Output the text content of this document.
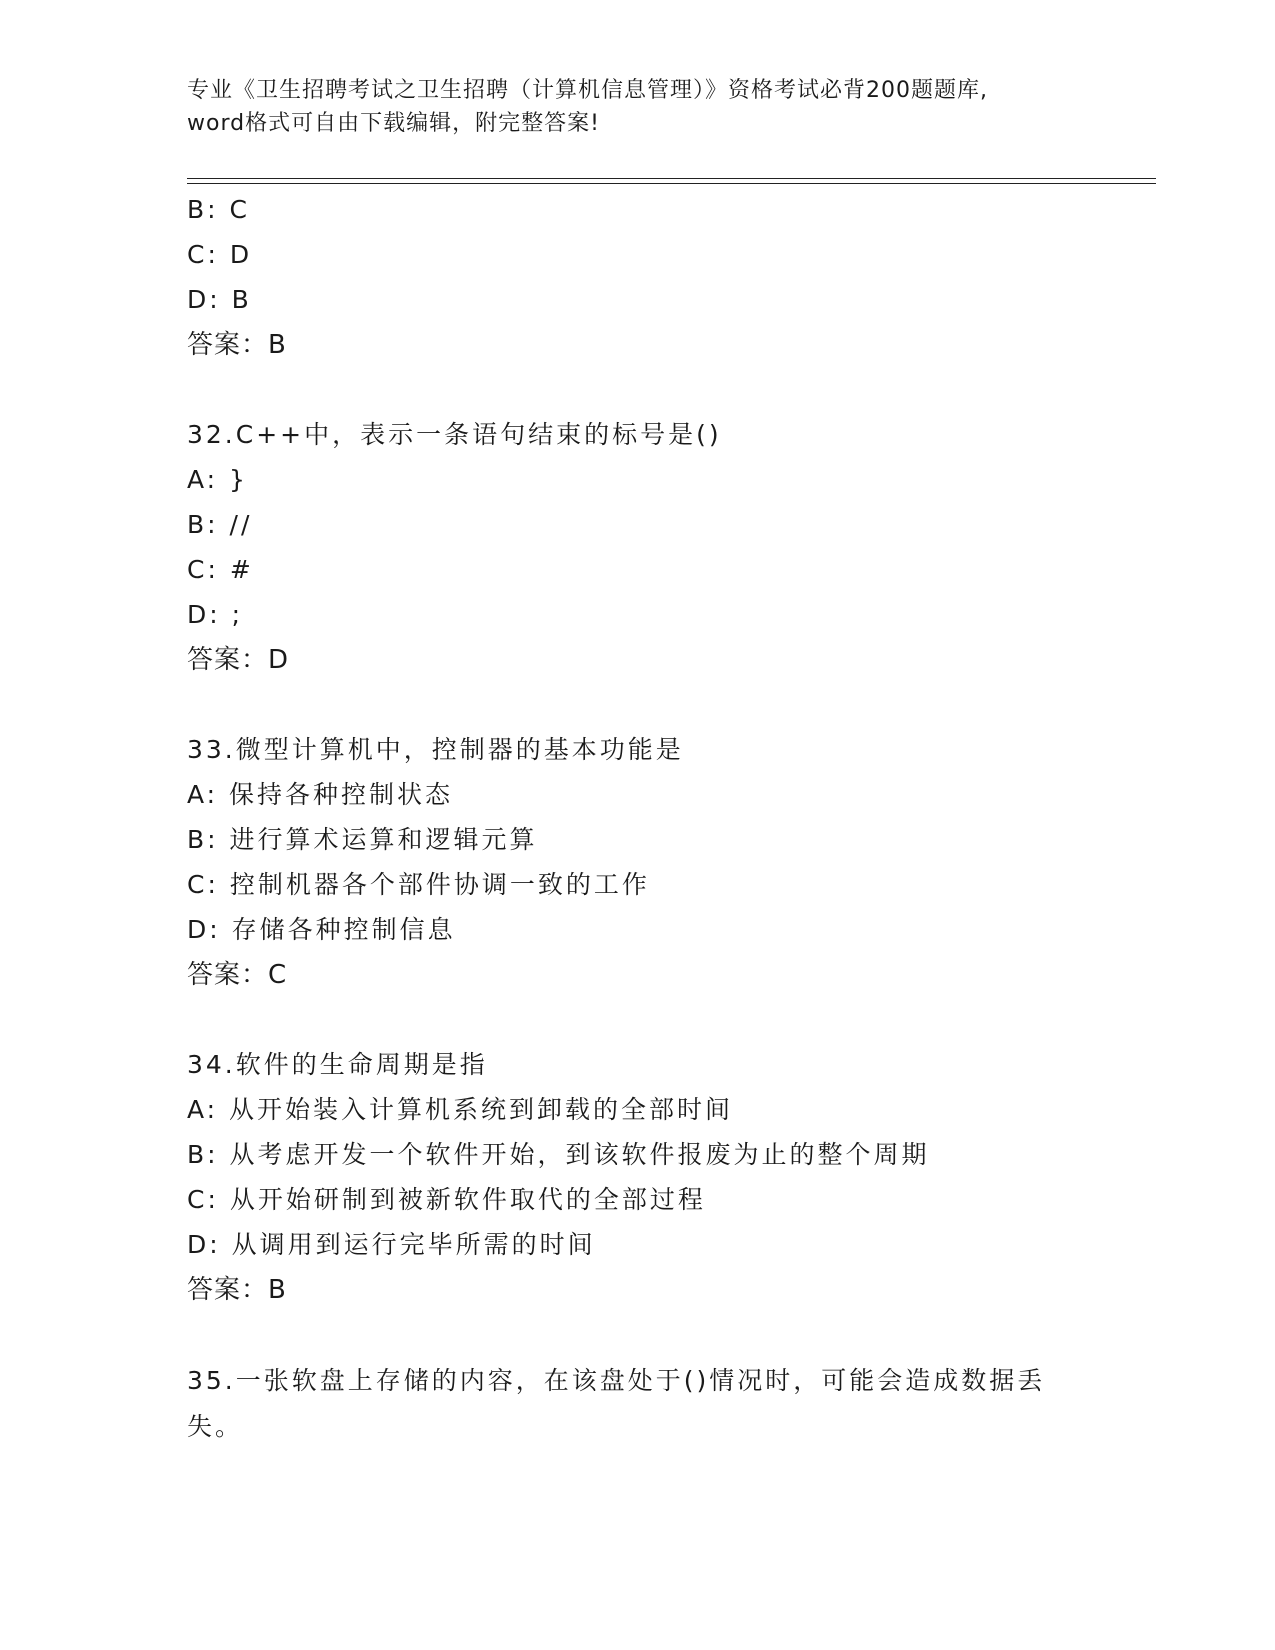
专业《卫生招聘考试之卫生招聘（计算机信息管理）》资格考试必背200题题库,
word格式可自由下载编辑，附完整答案!
B: C
C: D
D: B
答案：B
32.C++中，表示一条语句结束的标号是()
A: }
B: //
C: #
D: ;
答案：D
33.微型计算机中，控制器的基本功能是
A: 保持各种控制状态
B: 进行算术运算和逻辑元算
C: 控制机器各个部件协调一致的工作
D: 存储各种控制信息
答案：C
34.软件的生命周期是指
A: 从开始装入计算机系统到卸载的全部时间
B: 从考虑开发一个软件开始，到该软件报废为止的整个周期
C: 从开始研制到被新软件取代的全部过程
D: 从调用到运行完毕所需的时间
答案：B
35.一张软盘上存储的内容，在该盘处于()情况时，可能会造成数据丢失。
